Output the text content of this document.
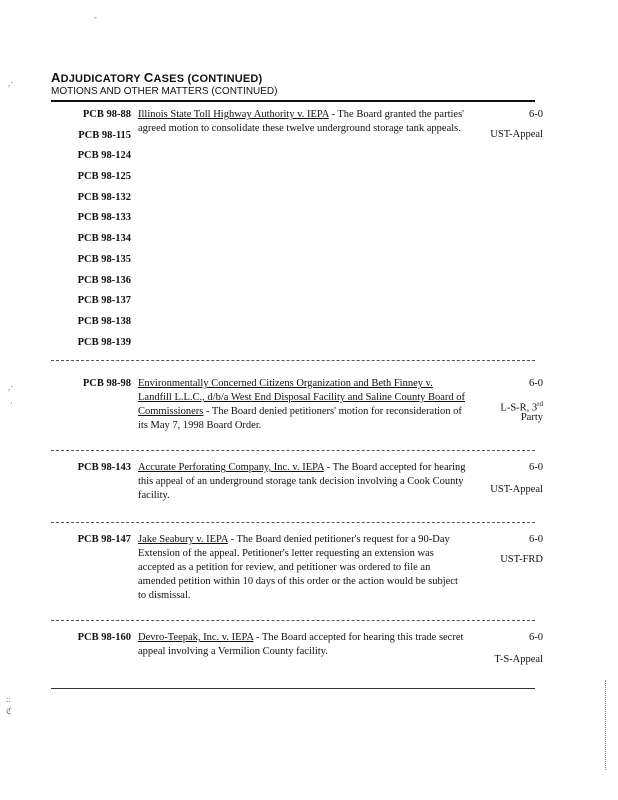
ADJUDICATORY CASES (CONTINUED)
MOTIONS AND OTHER MATTERS (CONTINUED)
PCB 98-88
PCB 98-115
PCB 98-124
PCB 98-125
PCB 98-132
PCB 98-133
PCB 98-134
PCB 98-135
PCB 98-136
PCB 98-137
PCB 98-138
PCB 98-139
Illinois State Toll Highway Authority v. IEPA - The Board granted the parties' agreed motion to consolidate these twelve underground storage tank appeals.
6-0
UST-Appeal
PCB 98-98 Environmentally Concerned Citizens Organization and Beth Finney v. Landfill L.L.C., d/b/a West End Disposal Facility and Saline County Board of Commissioners - The Board denied petitioners' motion for reconsideration of its May 7, 1998 Board Order.
6-0
L-S-R, 3rd
Party
PCB 98-143 Accurate Perforating Company, Inc. v. IEPA - The Board accepted for hearing this appeal of an underground storage tank decision involving a Cook County facility.
6-0
UST-Appeal
PCB 98-147 Jake Seabury v. IEPA - The Board denied petitioner's request for a 90-Day Extension of the appeal. Petitioner's letter requesting an extension was accepted as a petition for review, and petitioner was ordered to file an amended petition within 10 days of this order or the action would be subject to dismissal.
6-0
UST-FRD
PCB 98-160 Devro-Teepak, Inc. v. IEPA - The Board accepted for hearing this trade secret appeal involving a Vermilion County facility.
6-0
T-S-Appeal
-
,·
,·
·
::
ℭ
